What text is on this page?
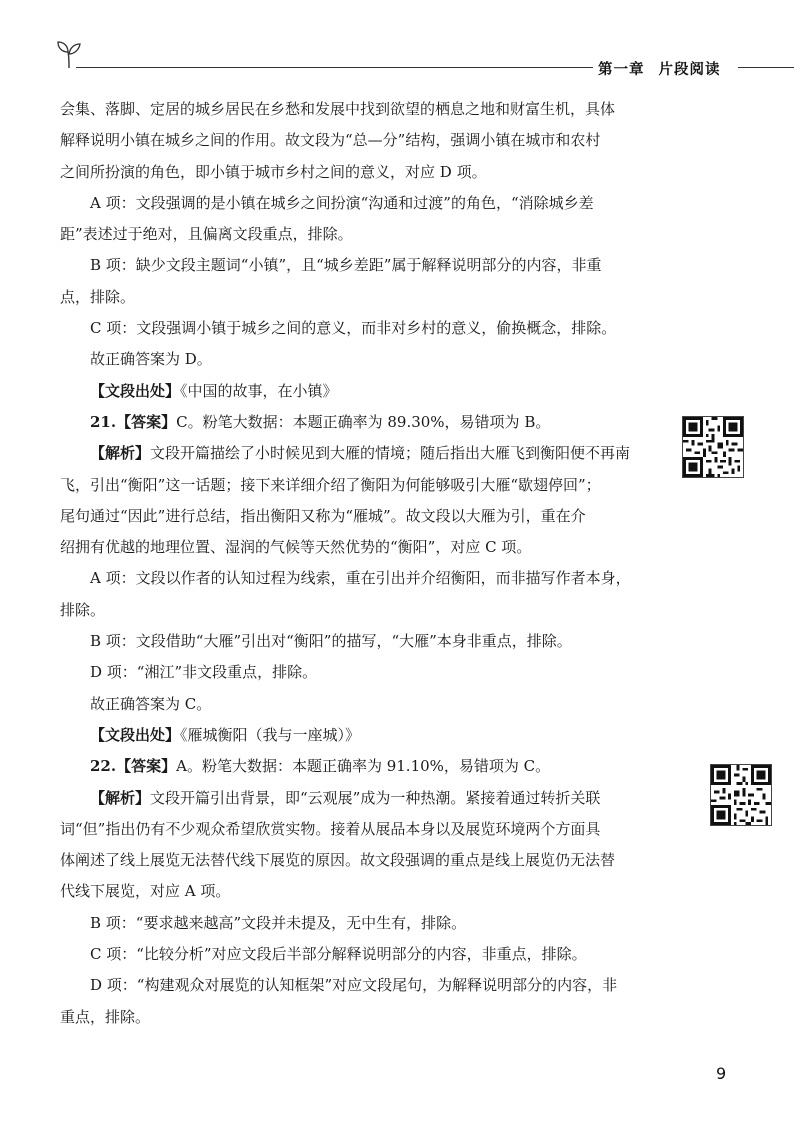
第一章 片段阅读
会集、落脚、定居的城乡居民在乡愁和发展中找到欲望的栖息之地和财富生机，具体
解释说明小镇在城乡之间的作用。故文段为“总—分”结构，强调小镇在城市和农村
之间所扮演的角色，即小镇于城市乡村之间的意义，对应 D 项。
A 项：文段强调的是小镇在城乡之间扮演“沟通和过渡”的角色，“消除城乡差
距”表述过于绝对，且偏离文段重点，排除。
B 项：缺少文段主题词“小镇”，且“城乡差距”属于解释说明部分的内容，非重
点，排除。
C 项：文段强调小镇于城乡之间的意义，而非对乡村的意义，偷换概念，排除。
故正确答案为 D。
【文段出处】《中国的故事，在小镇》
21.【答案】C。粉笔大数据：本题正确率为 89.30%，易错项为 B。
【解析】文段开篇描绘了小时候见到大雁的情境；随后指出大雁飞到衡阳便不再南
飞，引出“衡阳”这一话题；接下来详细介绍了衡阳为何能够吸引大雁“歇翅停回”；
尾句通过“因此”进行总结，指出衡阳又称为“雁城”。故文段以大雁为引，重在介
绍拥有优越的地理位置、湿润的气候等天然优势的“衡阳”，对应 C 项。
A 项：文段以作者的认知过程为线索，重在引出并介绍衡阳，而非描写作者本身，
排除。
B 项：文段借助“大雁”引出对“衡阳”的描写，“大雁”本身非重点，排除。
D 项：“湘江”非文段重点，排除。
故正确答案为 C。
【文段出处】《雁城衡阳（我与一座城）》
22.【答案】A。粉笔大数据：本题正确率为 91.10%，易错项为 C。
【解析】文段开篇引出背景，即“云观展”成为一种热潮。紧接着通过转折关联
词“但”指出仍有不少观众希望欣赏实物。接着从展品本身以及展览环境两个方面具
体阐述了线上展览无法替代线下展览的原因。故文段强调的重点是线上展览仍无法替
代线下展览，对应 A 项。
B 项：“要求越来越高”文段并未提及，无中生有，排除。
C 项：“比较分析”对应文段后半部分解释说明部分的内容，非重点，排除。
D 项：“构建观众对展览的认知框架”对应文段尾句，为解释说明部分的内容，非
重点，排除。
9
